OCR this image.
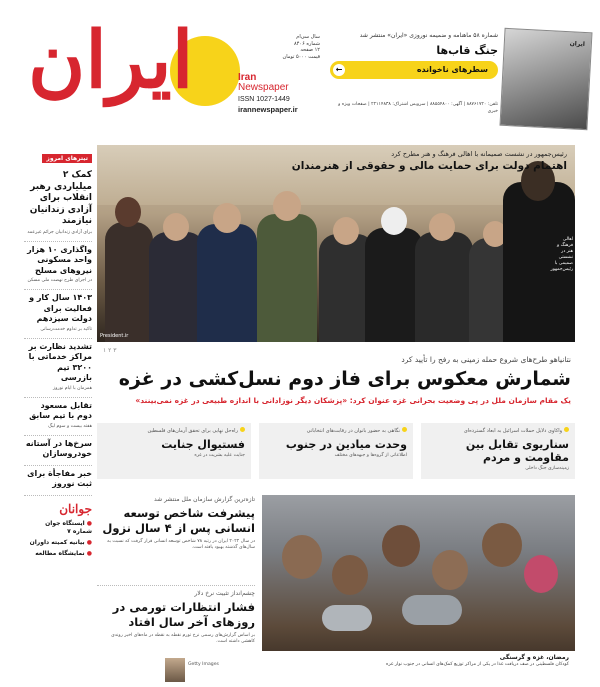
ایران	سال سی‌ام
شماره ۸۴۰۶
۱۲ صفحه
قیمت ۵۰۰۰ تومان
Iran
Newspaper
ISSN 1027-1449
irannewspaper.ir
شماره ۵۸ ماهنامه و ضمیمه نوروزی «ایران» منتشر شد
جنگ قاب‌ها
سطرهای ناخوانده
←
ایران
تلفن: ۸۸۷۶۱۷۲۰ | آگهی: ۸۸۵۵۴۸۰۰ | سرویس اشتراک: ۲۲۱۱۴۸۳۸ | صفحات ویژه و خبری
تیترهای امروز
کمک ۲ میلیاردی رهبر انقلاب برای آزادی زندانیان نیازمند
برای آزادی زندانیان جرائم غیرعمد
واگذاری ۱۰ هزار واحد مسکونی نیروهای مسلح
در اجرای طرح نهضت ملی مسکن
۱۴۰۳ سال کار و فعالیت برای دولت سیزدهم
تاکید بر تداوم خدمت‌رسانی
تشدید نظارت بر مراکز خدماتی با ۳۲۰۰ تیم بازرسی
همزمان با ایام نوروز
تقابل مسعود دوم با تیم سابق
هفته بیست و سوم لیگ
سرخ‌ها در آستانه خودروسازان
خبر مفاجأة برای ثبت نوروز
جوانان
● ایستگاه جوان شماره ۷
● بیانیه کمیته داوران
● نمایشگاه مطالعه
رئیس‌جمهور در نشست صمیمانه با اهالی فرهنگ و هنر مطرح کرد
اهتمام دولت برای حمایت مالی و حقوقی از هنرمندان
اهالی فرهنگ و هنر در نشستی صمیمی با رئیس‌جمهور
President.ir
۱ ۲ ۳
نتانیاهو طرح‌های شروع حمله زمینی به رفح را تأیید کرد
شمارش معکوس برای فاز دوم نسل‌کشی در غزه
یک مقام سازمان ملل در پی وضعیت بحرانی غزه عنوان کرد: «پزشکان دیگر نوزادانی با اندازه طبیعی در غزه نمی‌بینند»
واکاوی دلایل حملات اسرائیل به ابعاد گسترده‌ای
سناریوی تقابل بین مقاومت و مردم
زمینه‌سازی جنگ داخلی
نگاهی به حضور بانوان در رقابت‌های انتخاباتی
وحدت میادین در جنوب
اطلاعاتی از گروه‌ها و جبهه‌های مختلف
راه‌حل نهایی برای تحقق آرمان‌های فلسطین
فستیوال جنایت
جنایت علیه بشریت در غزه
تازه‌ترین گزارش سازمان ملل منتشر شد
پیشرفت شاخص توسعه انسانی پس از ۴ سال نزول
در سال ۲۰۲۲ ایران در رتبه ۷۸ شاخص توسعه انسانی قرار گرفت که نسبت به سال‌های گذشته بهبود یافته است.
چشم‌انداز تثبیت نرخ دلار
فشار انتظارات تورمی در روزهای آخر سال افتاد
بر اساس گزارش‌های رسمی نرخ تورم نقطه به نقطه در ماه‌های اخیر روندی کاهشی داشته است.
رمضان، غزه و گرسنگی
کودکان فلسطینی در صف دریافت غذا در یکی از مراکز توزیع کمک‌های انسانی در جنوب نوار غزه
Getty Images
